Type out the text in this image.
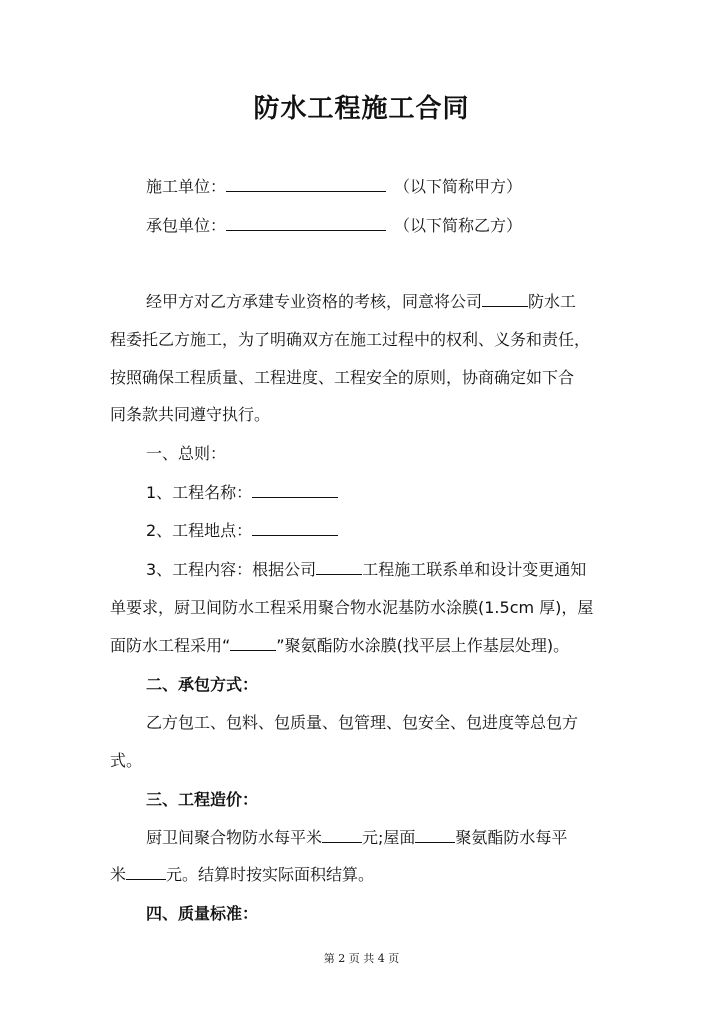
防水工程施工合同
施工单位：	（以下简称甲方）
承包单位：	（以下简称乙方）
经甲方对乙方承建专业资格的考核，同意将公司	防水工
程委托乙方施工，为了明确双方在施工过程中的权利、义务和责任，
按照确保工程质量、工程进度、工程安全的原则，协商确定如下合
同条款共同遵守执行。
一、总则：
1、工程名称：
2、工程地点：
3、工程内容：根据公司	工程施工联系单和设计变更通知
单要求，厨卫间防水工程采用聚合物水泥基防水涂膜(1.5cm 厚)，屋
面防水工程采用“	”聚氨酯防水涂膜(找平层上作基层处理)。
二、承包方式：
乙方包工、包料、包质量、包管理、包安全、包进度等总包方
式。
三、工程造价：
厨卫间聚合物防水每平米	元;屋面	聚氨酯防水每平
米	元。结算时按实际面积结算。
四、质量标准：
第 2 页 共 4 页
